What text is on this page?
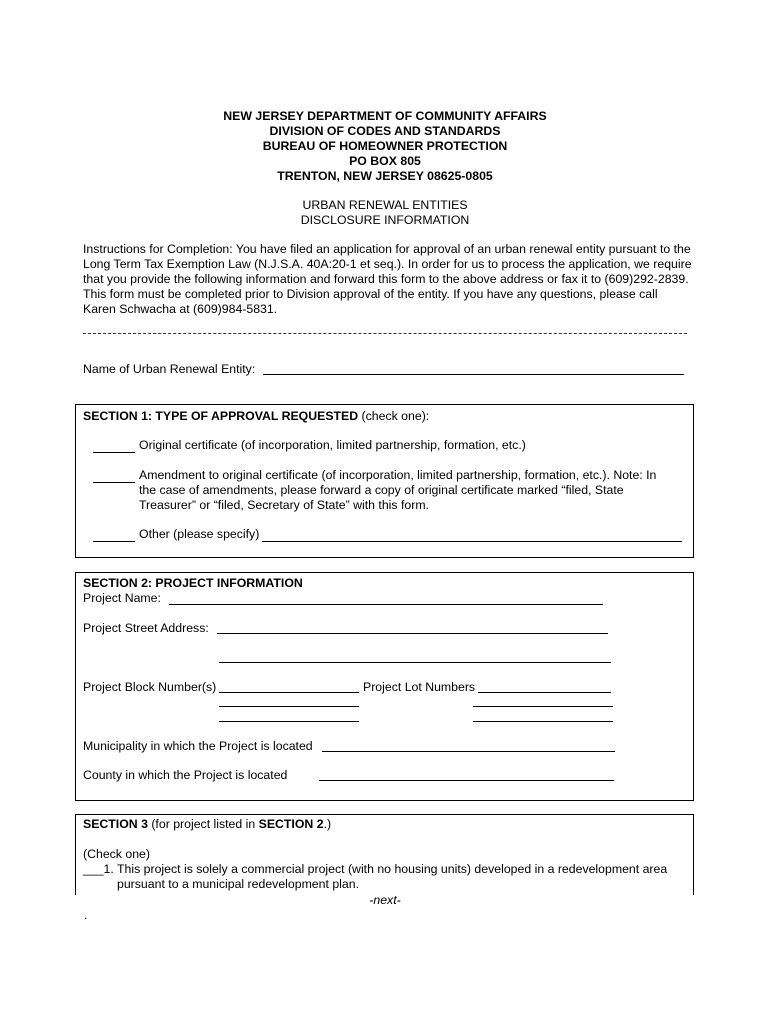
NEW JERSEY DEPARTMENT OF COMMUNITY AFFAIRS
DIVISION OF CODES AND STANDARDS
BUREAU OF HOMEOWNER PROTECTION
PO BOX 805
TRENTON, NEW JERSEY 08625-0805
URBAN RENEWAL ENTITIES
DISCLOSURE INFORMATION
Instructions for Completion: You have filed an application for approval of an urban renewal entity pursuant to the Long Term Tax Exemption Law (N.J.S.A. 40A:20-1 et seq.). In order for us to process the application, we require that you provide the following information and forward this form to the above address or fax it to (609)292-2839. This form must be completed prior to Division approval of the entity. If you have any questions, please call Karen Schwacha at (609)984-5831.
Name of Urban Renewal Entity:
SECTION 1: TYPE OF APPROVAL REQUESTED (check one):
Original certificate (of incorporation, limited partnership, formation, etc.)
Amendment to original certificate (of incorporation, limited partnership, formation, etc.). Note: In
the case of amendments, please forward a copy of original certificate marked “filed, State
Treasurer” or “filed, Secretary of State” with this form.
Other (please specify)
SECTION 2: PROJECT INFORMATION
Project Name:
Project Street Address:
Project Block Number(s)	Project Lot Numbers
Municipality in which the Project is located
County in which the Project is located
SECTION 3 (for project listed in SECTION 2.)
(Check one)
___1. This project is solely a commercial project (with no housing units) developed in a redevelopment area
pursuant to a municipal redevelopment plan.
-next-
.
